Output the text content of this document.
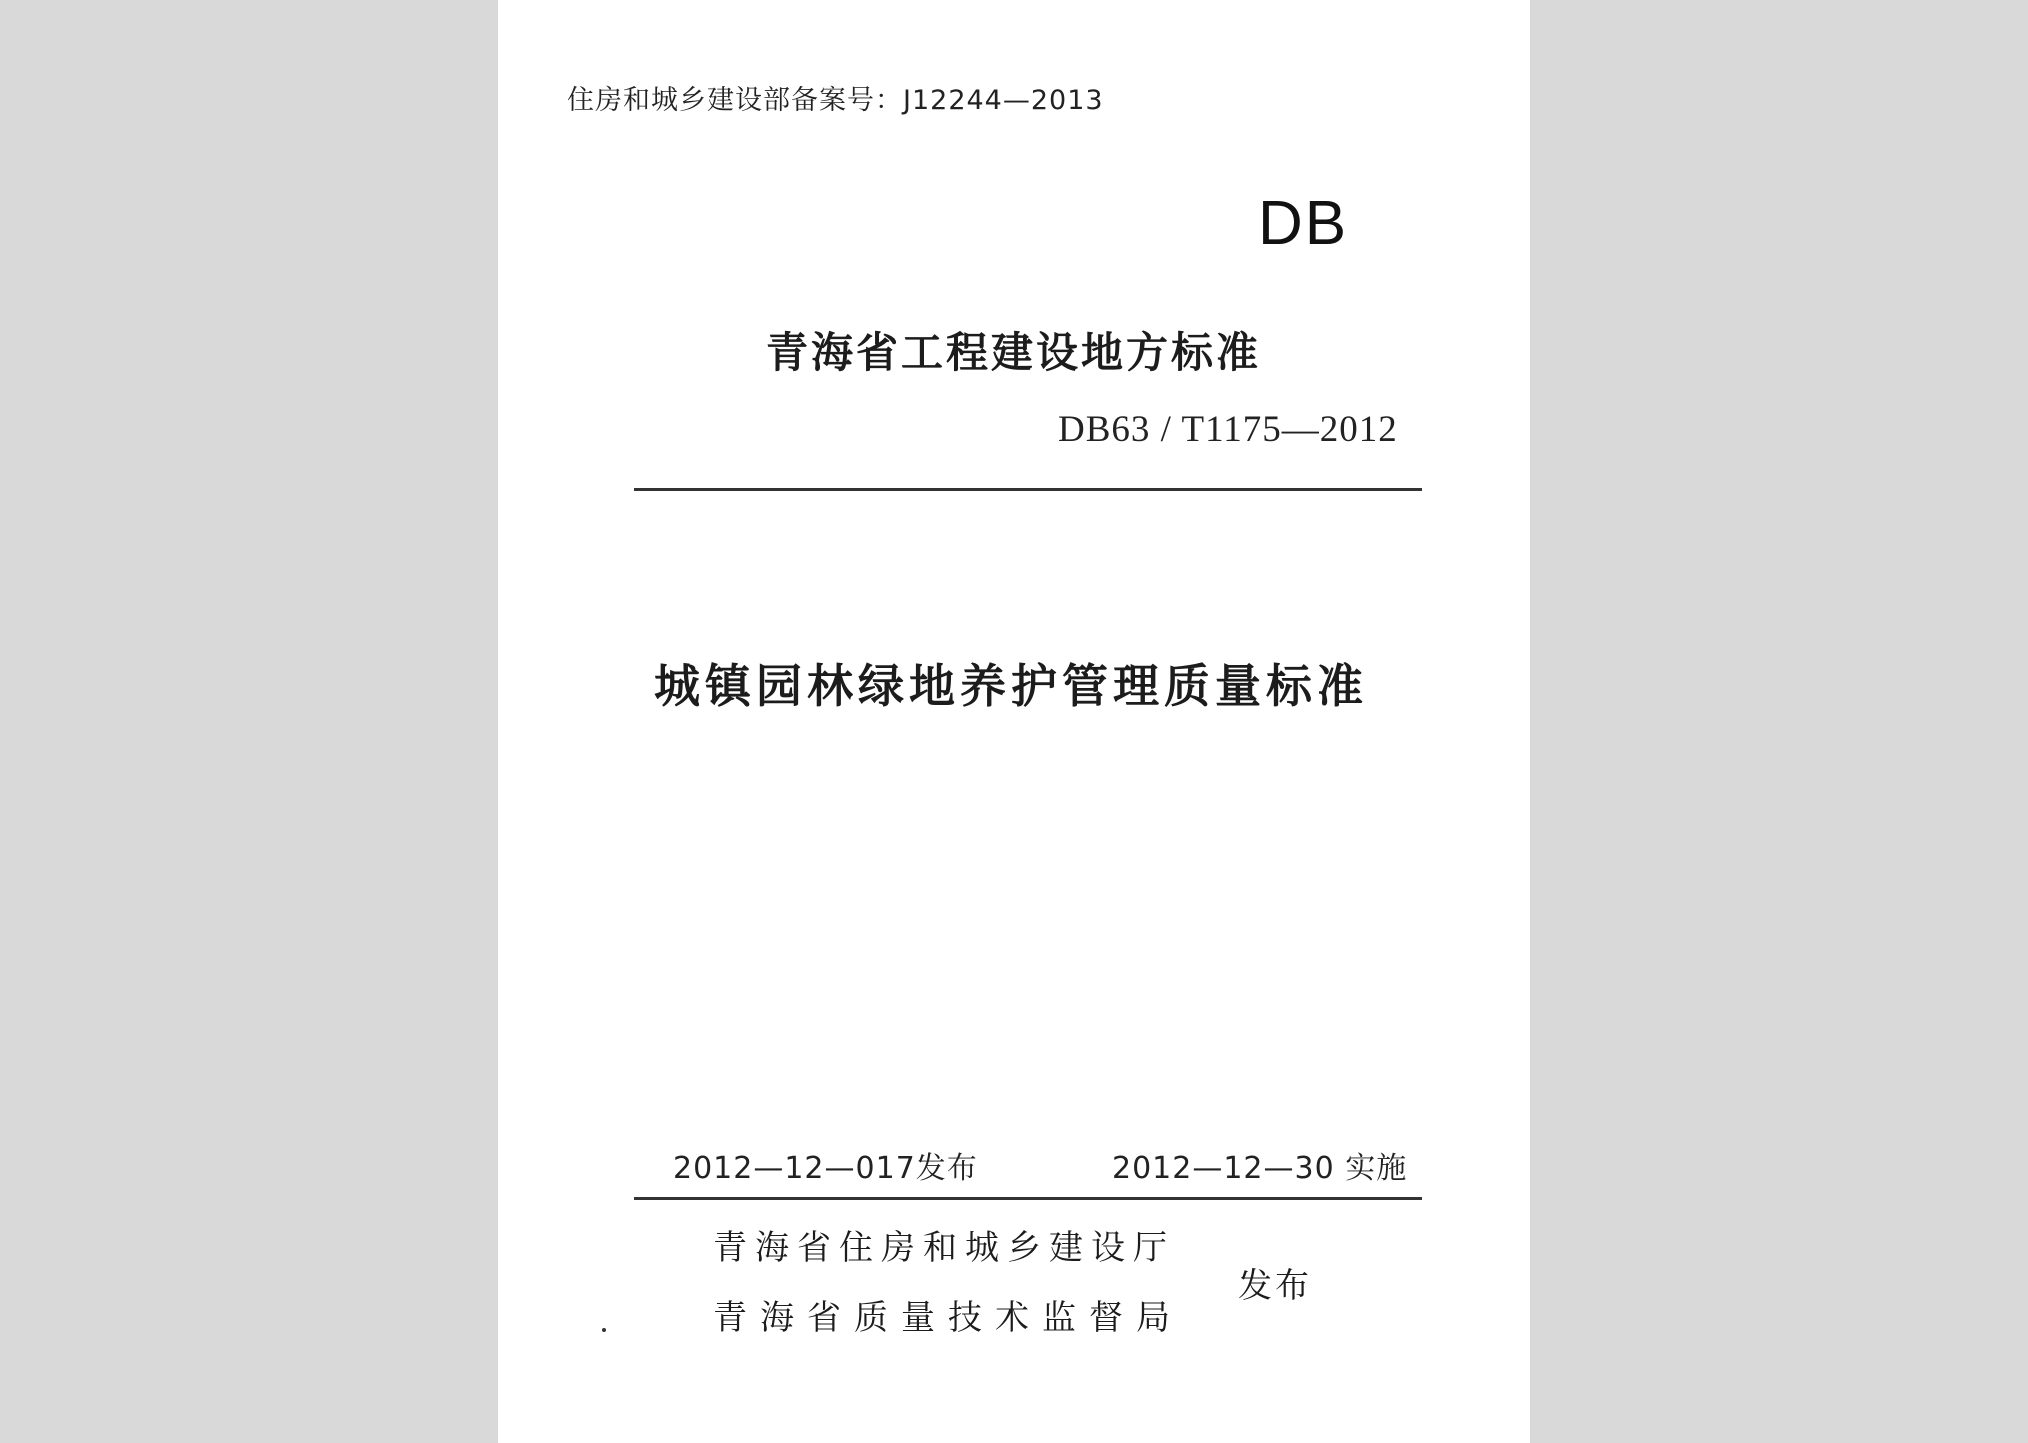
住房和城乡建设部备案号：J12244—2013
DB
青海省工程建设地方标准
DB63 / T1175—2012
城镇园林绿地养护管理质量标准
2012—12—017发布	2012—12—30 实施
青海省住房和城乡建设厅
青海省质量技术监督局
发布
